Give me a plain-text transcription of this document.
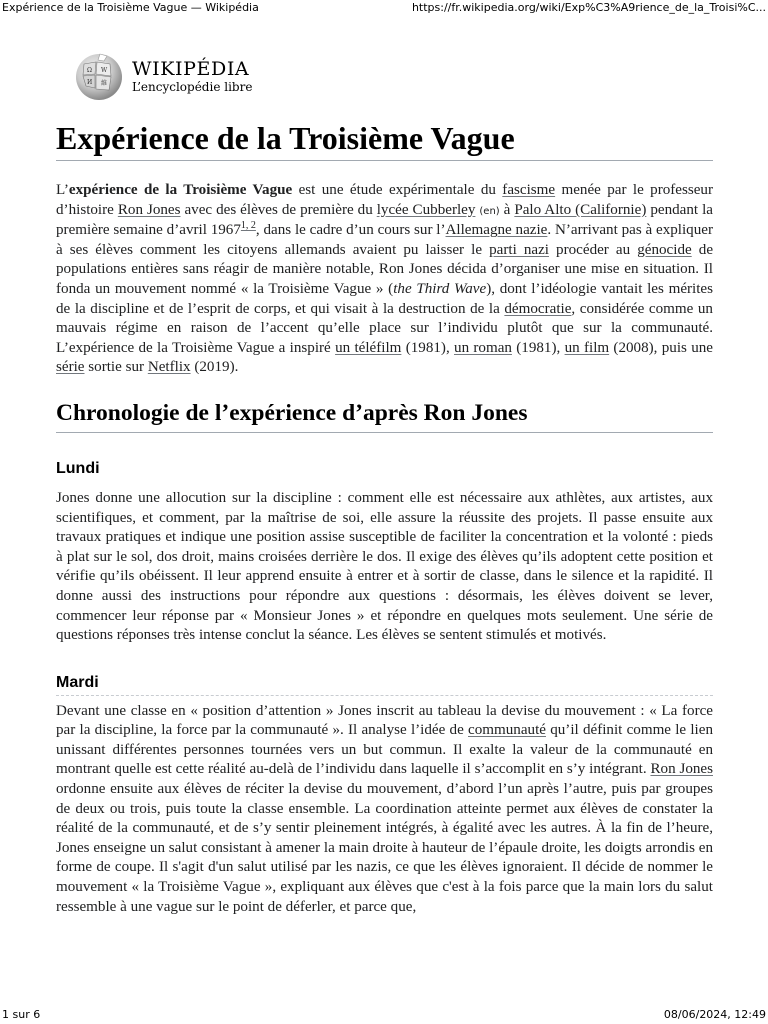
Expérience de la Troisième Vague — Wikipédia	https://fr.wikipedia.org/wiki/Exp%C3%A9rience_de_la_Troisi%C...
Ω W
И 維
WIKIPÉDIA
L’encyclopédie libre
Expérience de la Troisième Vague

L’expérience de la Troisième Vague est une étude expérimentale du fascisme menée par le professeur d’histoire Ron Jones avec des élèves de première du lycée Cubberley (en) à Palo Alto (Californie) pendant la première semaine d’avril 1967$^{1, 2}$, dans le cadre d’un cours sur l’Allemagne nazie. N’arrivant pas à expliquer à ses élèves comment les citoyens allemands avaient pu laisser le parti nazi procéder au génocide de populations entières sans réagir de manière notable, Ron Jones décida d’organiser une mise en situation. Il fonda un mouvement nommé « la Troisième Vague » (the Third Wave), dont l’idéologie vantait les mérites de la discipline et de l’esprit de corps, et qui visait à la destruction de la démocratie, considérée comme un mauvais régime en raison de l’accent qu’elle place sur l’individu plutôt que sur la communauté. L’expérience de la Troisième Vague a inspiré un téléfilm (1981), un roman (1981), un film (2008), puis une série sortie sur Netflix (2019).

Chronologie de l’expérience d’après Ron Jones
Lundi

Jones donne une allocution sur la discipline : comment elle est nécessaire aux athlètes, aux artistes, aux scientifiques, et comment, par la maîtrise de soi, elle assure la réussite des projets. Il passe ensuite aux travaux pratiques et indique une position assise susceptible de faciliter la concentration et la volonté : pieds à plat sur le sol, dos droit, mains croisées derrière le dos. Il exige des élèves qu’ils adoptent cette position et vérifie qu’ils obéissent. Il leur apprend ensuite à entrer et à sortir de classe, dans le silence et la rapidité. Il donne aussi des instructions pour répondre aux questions : désormais, les élèves doivent se lever, commencer leur réponse par « Monsieur Jones » et répondre en quelques mots seulement. Une série de questions réponses très intense conclut la séance. Les élèves se sentent stimulés et motivés.

Mardi

Devant une classe en « position d’attention » Jones inscrit au tableau la devise du mouvement : « La force par la discipline, la force par la communauté ». Il analyse l’idée de communauté qu’il définit comme le lien unissant différentes personnes tournées vers un but commun. Il exalte la valeur de la communauté en montrant quelle est cette réalité au-delà de l’individu dans laquelle il s’accomplit en s’y intégrant. Ron Jones ordonne ensuite aux élèves de réciter la devise du mouvement, d’abord l’un après l’autre, puis par groupes de deux ou trois, puis toute la classe ensemble. La coordination atteinte permet aux élèves de constater la réalité de la communauté, et de s’y sentir pleinement intégrés, à égalité avec les autres. À la fin de l’heure, Jones enseigne un salut consistant à amener la main droite à hauteur de l’épaule droite, les doigts arrondis en forme de coupe. Il s'agit d'un salut utilisé par les nazis, ce que les élèves ignoraient. Il décide de nommer le mouvement « la Troisième Vague », expliquant aux élèves que c'est à la fois parce que la main lors du salut ressemble à une vague sur le point de déferler, et parce que,

1 sur 6	08/06/2024, 12:49
